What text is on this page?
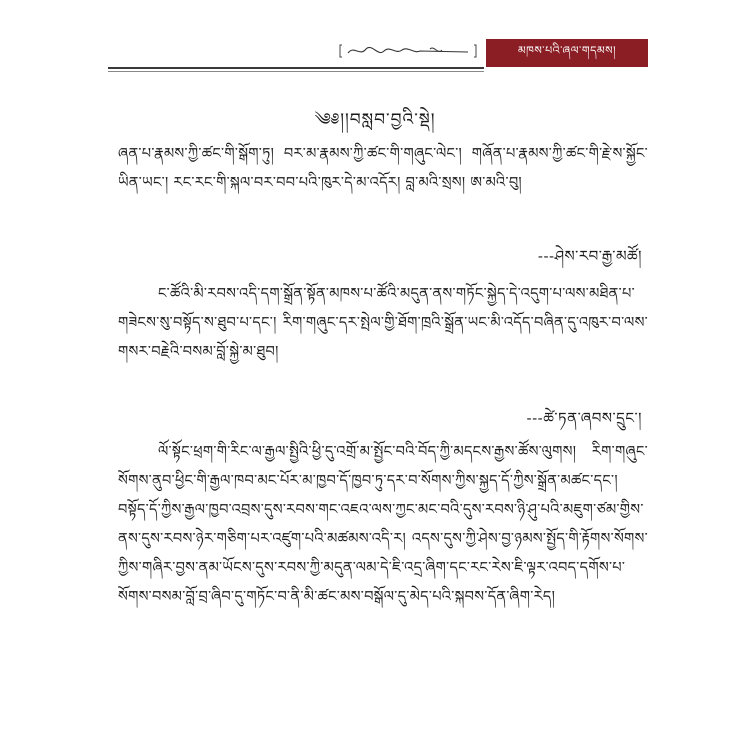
མཁས་པའི་ཞལ་གདམས།
༄༅།།བསླབ་བྱའི་སྡེ།

ཞན་པ་རྣམས་ཀྱི་ཚང་གི་སྒོག་ཏུ། བར་མ་རྣམས་ཀྱི་ཚང་གི་གཞུང་ལེང་། གཞོན་པ་རྣམས་ཀྱི་ཚང་གི་རྗེ་ས་སྐྱོང་ཡིན་ཡང་། རང་རང་གི་སྐལ་བར་བབ་པའི་ཁུར་དེ་མ་འདོར། བླ་མའི་སྲས། ཨ་མའི་བུ།

---ཤེས་རབ་རྒྱ་མཚོ།

ང་ཚོའི་མི་རབས་འདི་དག་སྒྲོན་སྟོན་མཁས་པ་ཚོའི་མདུན་ནས་གཏོང་སྐྱེད་དེ་འདུག་པ་ལས་མཐིན་པ་གཟེངས་སུ་བསྟོད་ས་ཐུབ་པ་དང་། རིག་གཞུང་དར་སྤེལ་གྱི་ཐོག་ཁྲའི་སྒྲོན་ཡང་མི་འདོད་བཞིན་དུ་འཁུར་བ་ལས་གསར་བརྗེའི་བསམ་བློ་སྐྱེ་མ་ཐུབ།

---ཚེ་ཏན་ཞབས་དྲུང་།

ལོ་སྟོང་ཕྲག་གི་རིང་ལ་རྒྱལ་སྤྱིའི་ཕྱི་དུ་འགྲོ་མ་སྤྱོང་བའི་བོད་ཀྱི་མདངས་རྒྱས་ཚོས་ལུགས། རིག་གཞུང་སོགས་ནུབ་ཕྱིང་གི་རྒྱལ་ཁབ་མང་པོར་མ་ཁྱབ་དོ་ཁྱབ་ཏུ་དར་བ་སོགས་ཀྱིས་སྐྱད་དོ་ཀྱིས་སྒྲོན་མཚང་དང་། བསྟོད་དོ་ཀྱིས་རྒྱལ་ཁྱབ་འབྲས་དུས་རབས་གང་འཇའ་ལས་ཀྱང་མང་བའི་དུས་རབས་ཉི་ཤུ་པའི་མཇུག་ཙམ་གྱིས་ནས་དུས་རབས་ཉེར་གཅིག་པར་འཛུག་པའི་མཚམས་འདི་ར། འདས་དུས་ཀྱི་ཤེས་བྱ་ཉམས་སྤྱོད་གི་རྟོགས་སོགས་ཀྱིས་གཞིར་བྱས་ནམ་ཡོངས་དུས་རབས་ཀྱི་མདུན་ལམ་དེ་ཇི་འདྲ་ཞིག་དང་རང་རེས་ཇི་ལྟར་འབད་དགོས་པ་སོགས་བསམ་བློ་བྲ་ཞིབ་དུ་གཏོང་བ་ནི་མི་ཚང་མས་བསྒོལ་དུ་མེད་པའི་སྐབས་དོན་ཞིག་རེད།
